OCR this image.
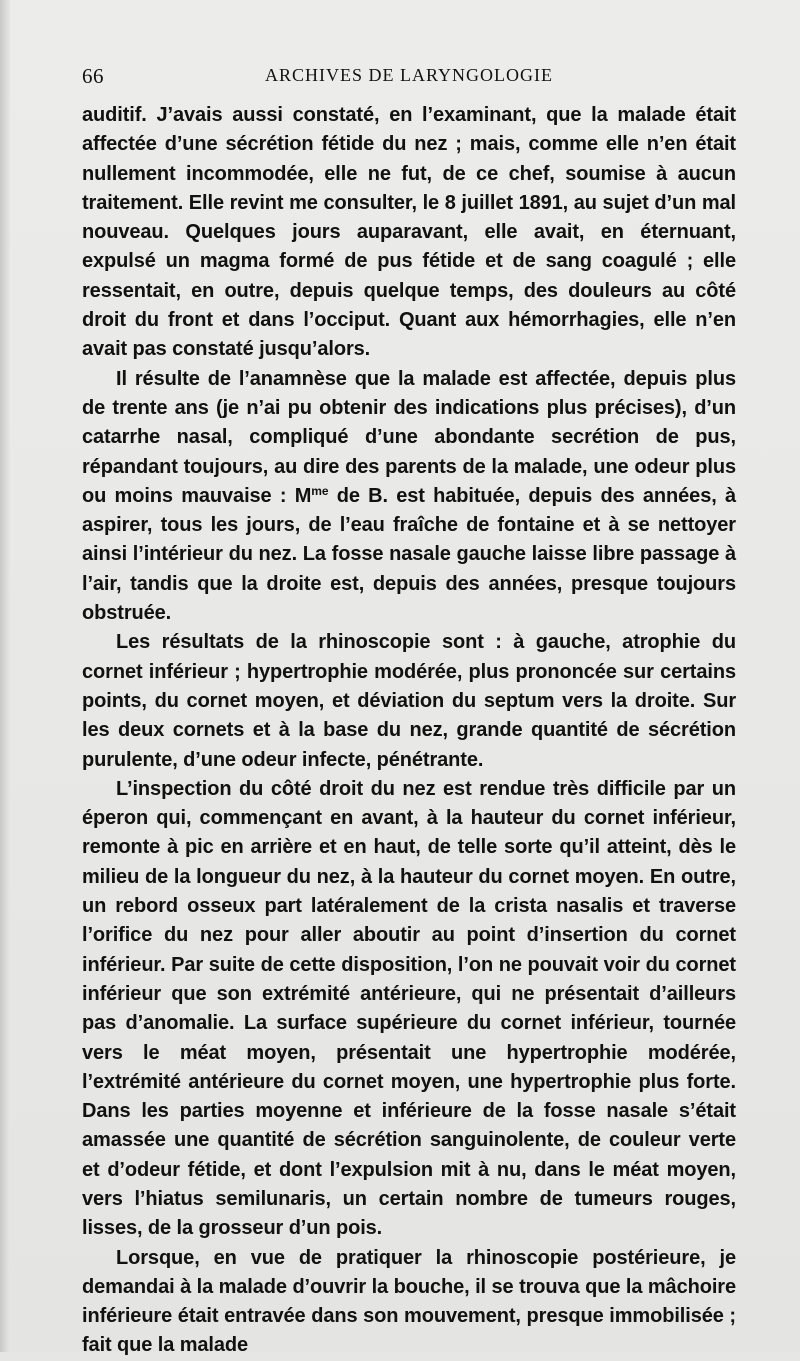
66	ARCHIVES DE LARYNGOLOGIE

auditif. J’avais aussi constaté, en l’examinant, que la malade était affectée d’une sécrétion fétide du nez ; mais, comme elle n’en était nullement incommodée, elle ne fut, de ce chef, soumise à aucun traitement. Elle revint me consulter, le 8 juillet 1891, au sujet d’un mal nouveau. Quelques jours auparavant, elle avait, en éternuant, expulsé un magma formé de pus fétide et de sang coagulé ; elle ressentait, en outre, depuis quelque temps, des douleurs au côté droit du front et dans l’occiput. Quant aux hémorrhagies, elle n’en avait pas constaté jusqu’alors.

Il résulte de l’anamnèse que la malade est affectée, depuis plus de trente ans (je n’ai pu obtenir des indications plus précises), d’un catarrhe nasal, compliqué d’une abondante secrétion de pus, répandant toujours, au dire des parents de la malade, une odeur plus ou moins mauvaise : $M^{me}$ de B. est habituée, depuis des années, à aspirer, tous les jours, de l’eau fraîche de fontaine et à se nettoyer ainsi l’intérieur du nez. La fosse nasale gauche laisse libre passage à l’air, tandis que la droite est, depuis des années, presque toujours obstruée.

Les résultats de la rhinoscopie sont : à gauche, atrophie du cornet inférieur ; hypertrophie modérée, plus prononcée sur certains points, du cornet moyen, et déviation du septum vers la droite. Sur les deux cornets et à la base du nez, grande quantité de sécrétion purulente, d’une odeur infecte, pénétrante.

L’inspection du côté droit du nez est rendue très difficile par un éperon qui, commençant en avant, à la hauteur du cornet inférieur, remonte à pic en arrière et en haut, de telle sorte qu’il atteint, dès le milieu de la longueur du nez, à la hauteur du cornet moyen. En outre, un rebord osseux part latéralement de la crista nasalis et traverse l’orifice du nez pour aller aboutir au point d’insertion du cornet inférieur. Par suite de cette disposition, l’on ne pouvait voir du cornet inférieur que son extrémité antérieure, qui ne présentait d’ailleurs pas d’anomalie. La surface supérieure du cornet inférieur, tournée vers le méat moyen, présentait une hypertrophie modérée, l’extrémité antérieure du cornet moyen, une hypertrophie plus forte. Dans les parties moyenne et inférieure de la fosse nasale s’était amassée une quantité de sécrétion sanguinolente, de couleur verte et d’odeur fétide, et dont l’expulsion mit à nu, dans le méat moyen, vers l’hiatus semilunaris, un certain nombre de tumeurs rouges, lisses, de la grosseur d’un pois.

Lorsque, en vue de pratiquer la rhinoscopie postérieure, je demandai à la malade d’ouvrir la bouche, il se trouva que la mâchoire inférieure était entravée dans son mouvement, presque immobilisée ; fait que la malade
